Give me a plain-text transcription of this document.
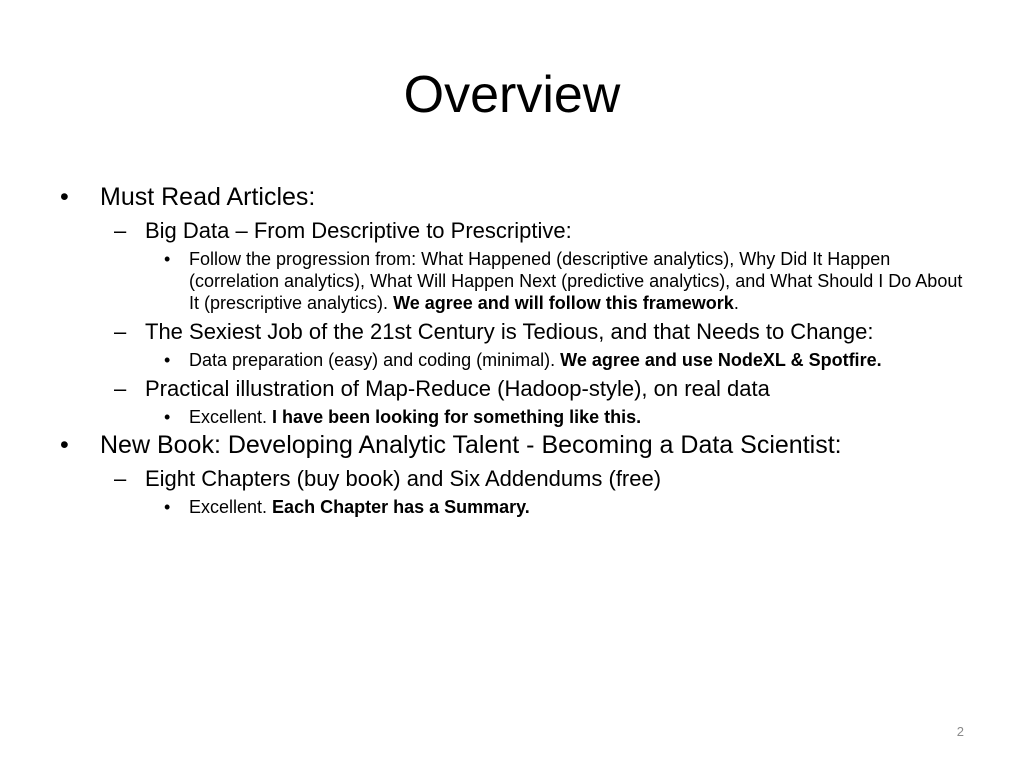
Overview
• Must Read Articles:
– Big Data – From Descriptive to Prescriptive:
• Follow the progression from: What Happened (descriptive analytics), Why Did It Happen (correlation analytics), What Will Happen Next (predictive analytics), and What Should I Do About It (prescriptive analytics). We agree and will follow this framework.
– The Sexiest Job of the 21st Century is Tedious, and that Needs to Change:
• Data preparation (easy) and coding (minimal). We agree and use NodeXL & Spotfire.
– Practical illustration of Map-Reduce (Hadoop-style), on real data
• Excellent. I have been looking for something like this.
• New Book: Developing Analytic Talent - Becoming a Data Scientist:
– Eight Chapters (buy book) and Six Addendums (free)
• Excellent. Each Chapter has a Summary.
2
